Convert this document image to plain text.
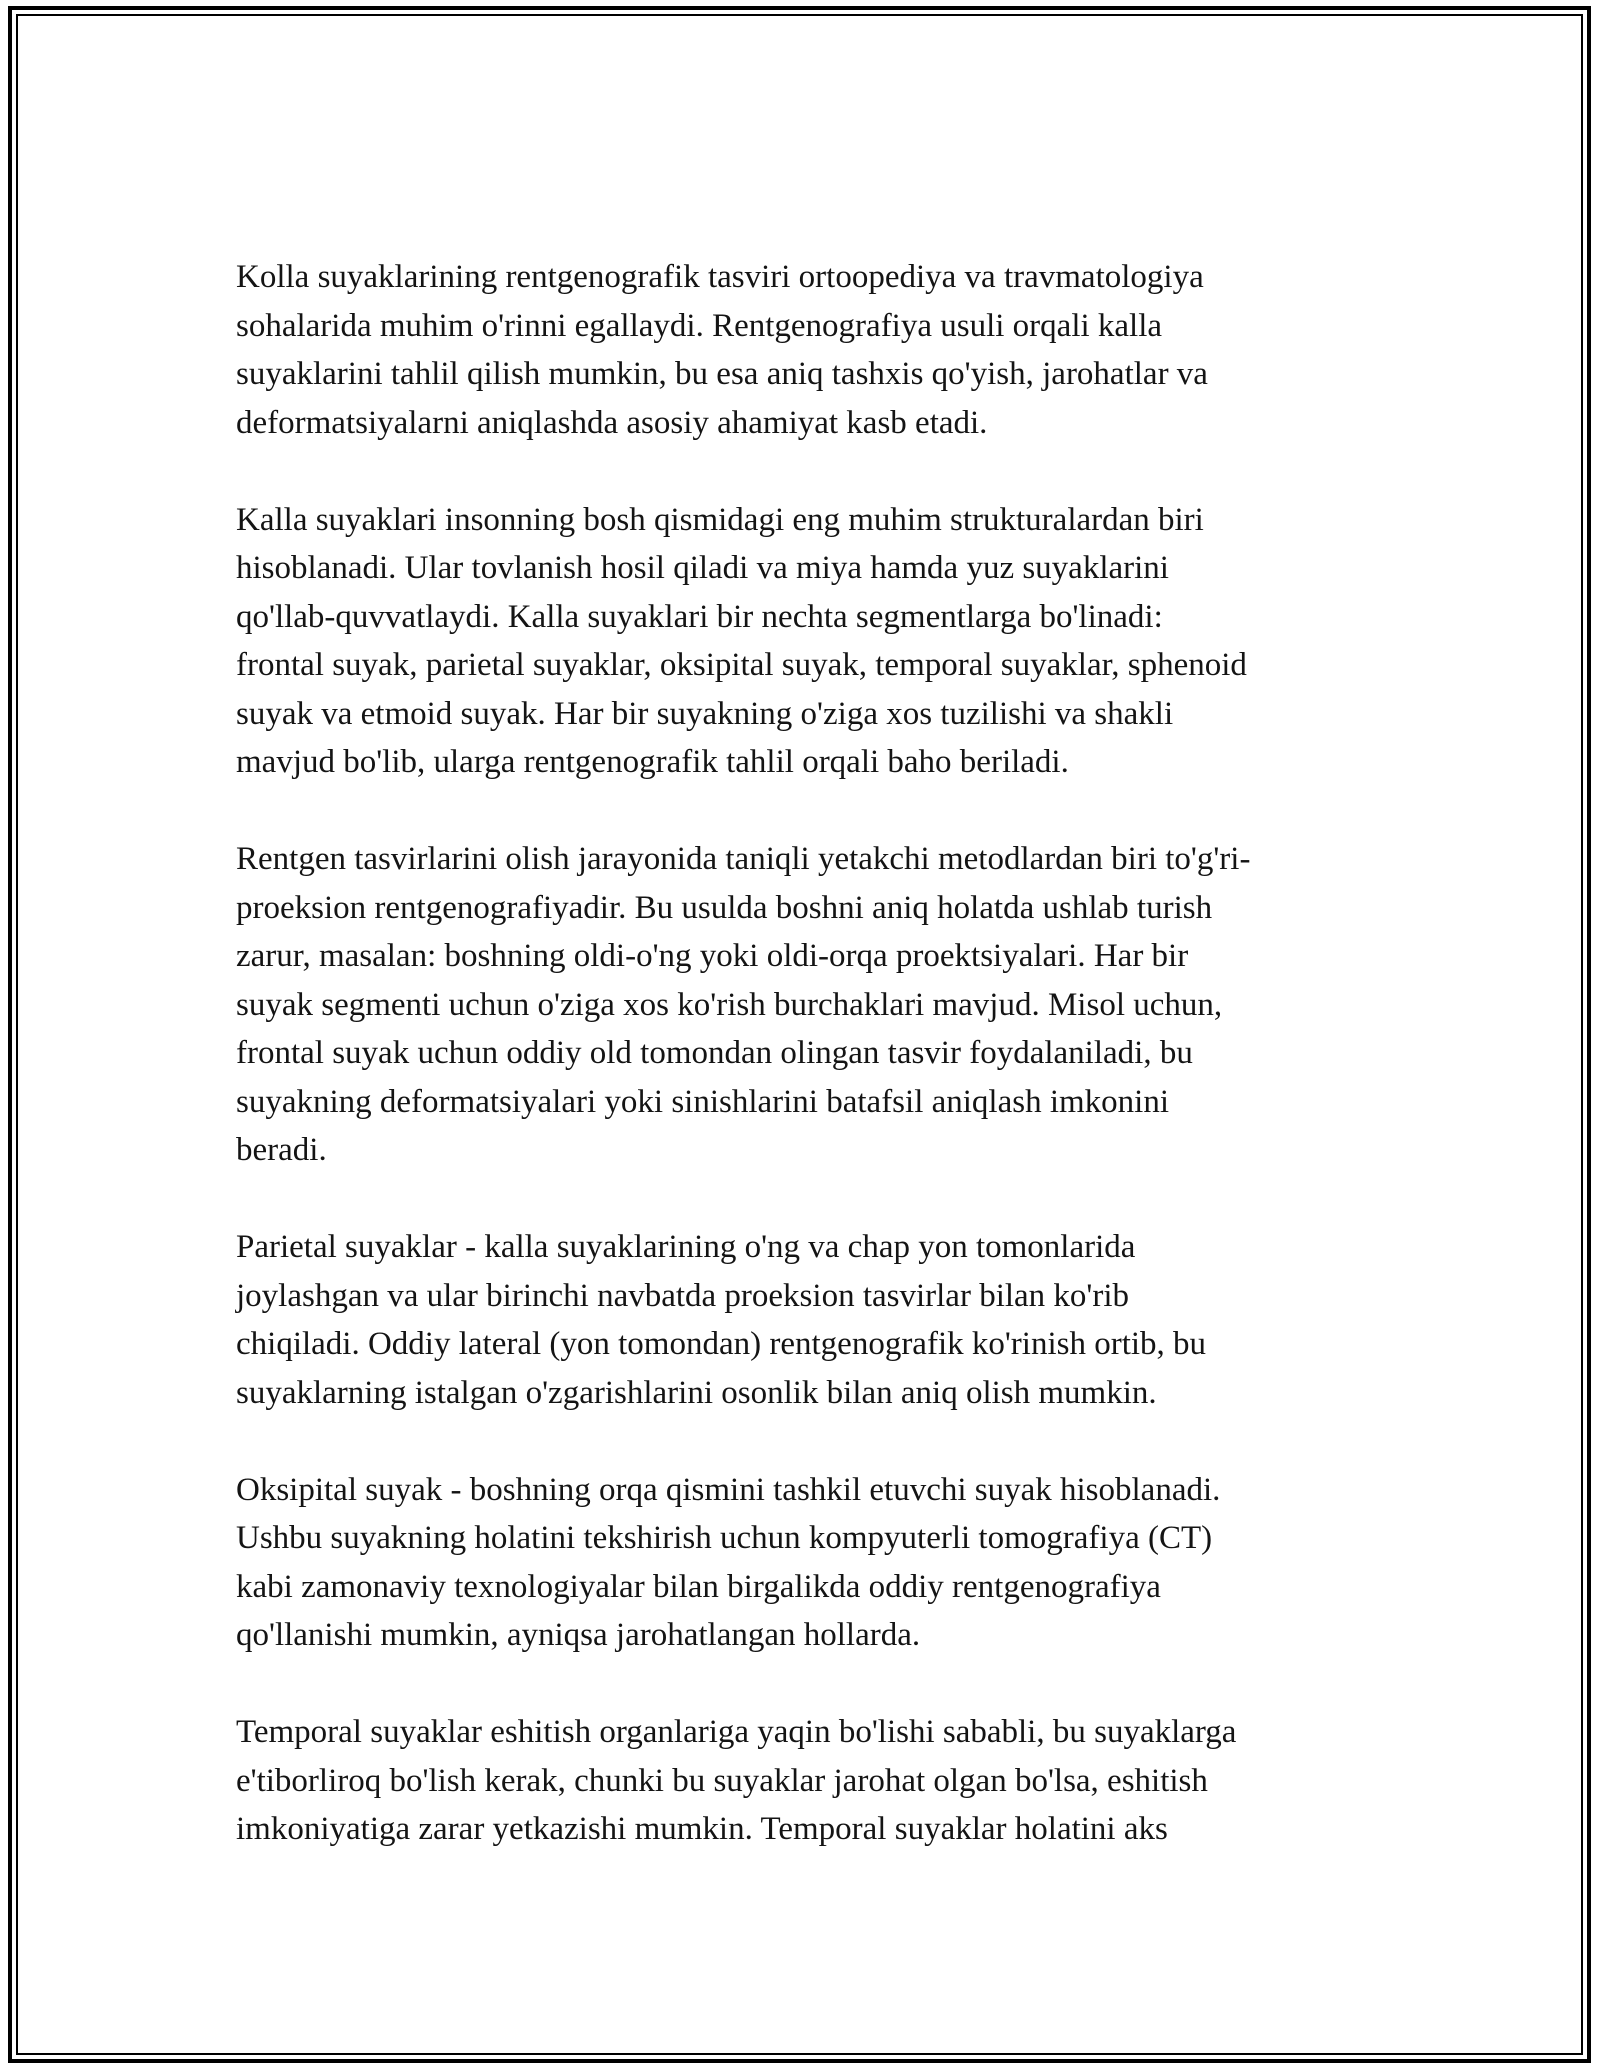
Kolla suyaklarining rentgenografik tasviri ortoopediya va travmatologiya
sohalarida muhim o'rinni egallaydi. Rentgenografiya usuli orqali kalla
suyaklarini tahlil qilish mumkin, bu esa aniq tashxis qo'yish, jarohatlar va
deformatsiyalarni aniqlashda asosiy ahamiyat kasb etadi.

Kalla suyaklari insonning bosh qismidagi eng muhim strukturalardan biri
hisoblanadi. Ular tovlanish hosil qiladi va miya hamda yuz suyaklarini
qo'llab-quvvatlaydi. Kalla suyaklari bir nechta segmentlarga bo'linadi:
frontal suyak, parietal suyaklar, oksipital suyak, temporal suyaklar, sphenoid
suyak va etmoid suyak. Har bir suyakning o'ziga xos tuzilishi va shakli
mavjud bo'lib, ularga rentgenografik tahlil orqali baho beriladi.

Rentgen tasvirlarini olish jarayonida taniqli yetakchi metodlardan biri to'g'ri-
proeksion rentgenografiyadir. Bu usulda boshni aniq holatda ushlab turish
zarur, masalan: boshning oldi-o'ng yoki oldi-orqa proektsiyalari. Har bir
suyak segmenti uchun o'ziga xos ko'rish burchaklari mavjud. Misol uchun,
frontal suyak uchun oddiy old tomondan olingan tasvir foydalaniladi, bu
suyakning deformatsiyalari yoki sinishlarini batafsil aniqlash imkonini
beradi.

Parietal suyaklar - kalla suyaklarining o'ng va chap yon tomonlarida
joylashgan va ular birinchi navbatda proeksion tasvirlar bilan ko'rib
chiqiladi. Oddiy lateral (yon tomondan) rentgenografik ko'rinish ortib, bu
suyaklarning istalgan o'zgarishlarini osonlik bilan aniq olish mumkin.

Oksipital suyak - boshning orqa qismini tashkil etuvchi suyak hisoblanadi.
Ushbu suyakning holatini tekshirish uchun kompyuterli tomografiya (CT)
kabi zamonaviy texnologiyalar bilan birgalikda oddiy rentgenografiya
qo'llanishi mumkin, ayniqsa jarohatlangan hollarda.

Temporal suyaklar eshitish organlariga yaqin bo'lishi sababli, bu suyaklarga
e'tiborliroq bo'lish kerak, chunki bu suyaklar jarohat olgan bo'lsa, eshitish
imkoniyatiga zarar yetkazishi mumkin. Temporal suyaklar holatini aks
